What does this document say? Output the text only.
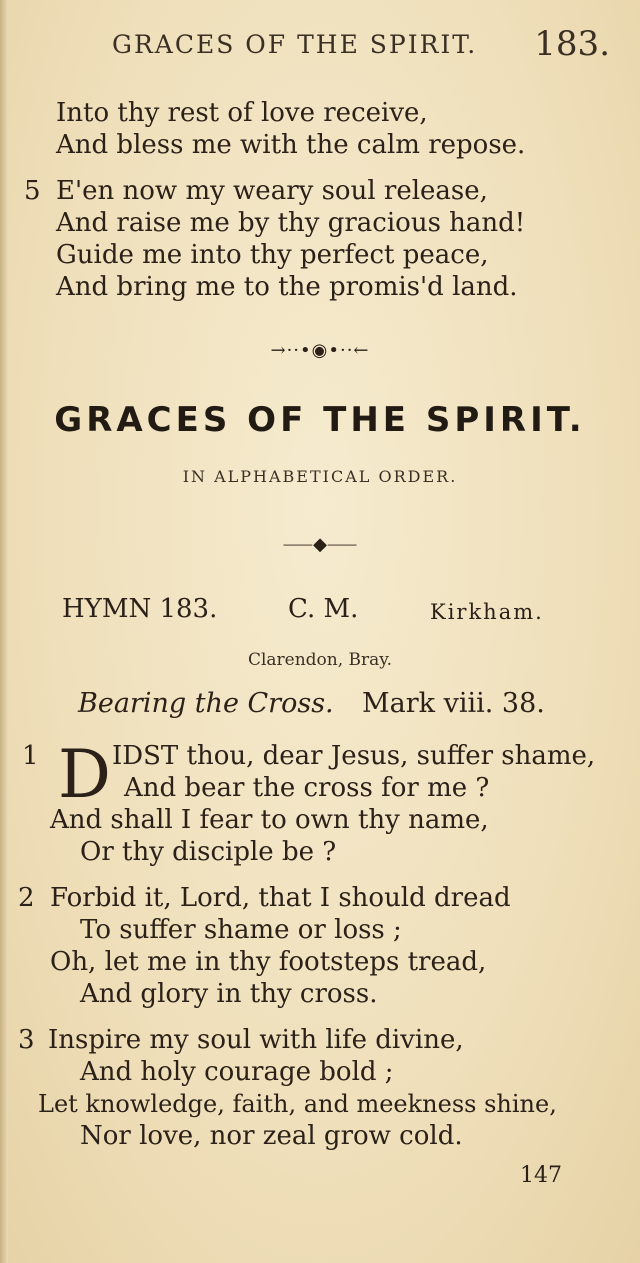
GRACES OF THE SPIRIT. 183.
Into thy rest of love receive,
And bless me with the calm repose.
5 E'en now my weary soul release,
And raise me by thy gracious hand!
Guide me into thy perfect peace,
And bring me to the promis'd land.
→··•◉•··←
GRACES OF THE SPIRIT.
IN ALPHABETICAL ORDER.
⸺◆⸺
HYMN 183.	C. M.	Kirkham.
Clarendon, Bray.
Bearing the Cross. Mark viii. 38.
1 D IDST thou, dear Jesus, suffer shame,
And bear the cross for me ?
And shall I fear to own thy name,
Or thy disciple be ?
2 Forbid it, Lord, that I should dread
To suffer shame or loss ;
Oh, let me in thy footsteps tread,
And glory in thy cross.
3 Inspire my soul with life divine,
And holy courage bold ;
Let knowledge, faith, and meekness shine,
Nor love, nor zeal grow cold.
147
